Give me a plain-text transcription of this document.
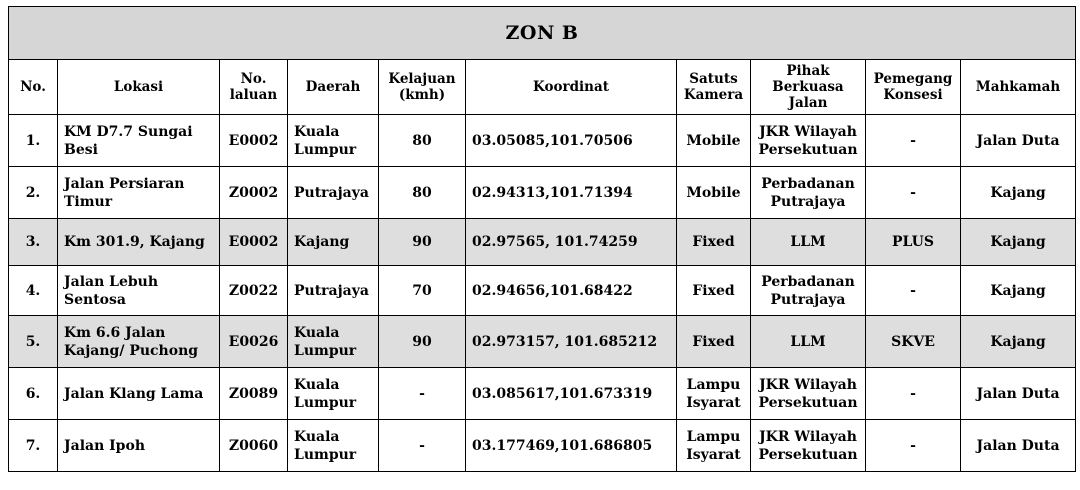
ZON B									
No.	Lokasi	No. laluan	Daerah	Kelajuan (kmh)	Koordinat	Satuts Kamera	Pihak Berkuasa Jalan	Pemegang Konsesi	Mahkamah
1.	KM D7.7 Sungai Besi	E0002	Kuala Lumpur	80	03.05085,101.70506	Mobile	JKR Wilayah Persekutuan	-	Jalan Duta
2.	Jalan Persiaran Timur	Z0002	Putrajaya	80	02.94313,101.71394	Mobile	Perbadanan Putrajaya	-	Kajang
3.	Km 301.9, Kajang	E0002	Kajang	90	02.97565, 101.74259	Fixed	LLM	PLUS	Kajang
4.	Jalan Lebuh Sentosa	Z0022	Putrajaya	70	02.94656,101.68422	Fixed	Perbadanan Putrajaya	-	Kajang
5.	Km 6.6 Jalan Kajang/ Puchong	E0026	Kuala Lumpur	90	02.973157, 101.685212	Fixed	LLM	SKVE	Kajang
6.	Jalan Klang Lama	Z0089	Kuala Lumpur	-	03.085617,101.673319	Lampu Isyarat	JKR Wilayah Persekutuan	-	Jalan Duta
7.	Jalan Ipoh	Z0060	Kuala Lumpur	-	03.177469,101.686805	Lampu Isyarat	JKR Wilayah Persekutuan	-	Jalan Duta
